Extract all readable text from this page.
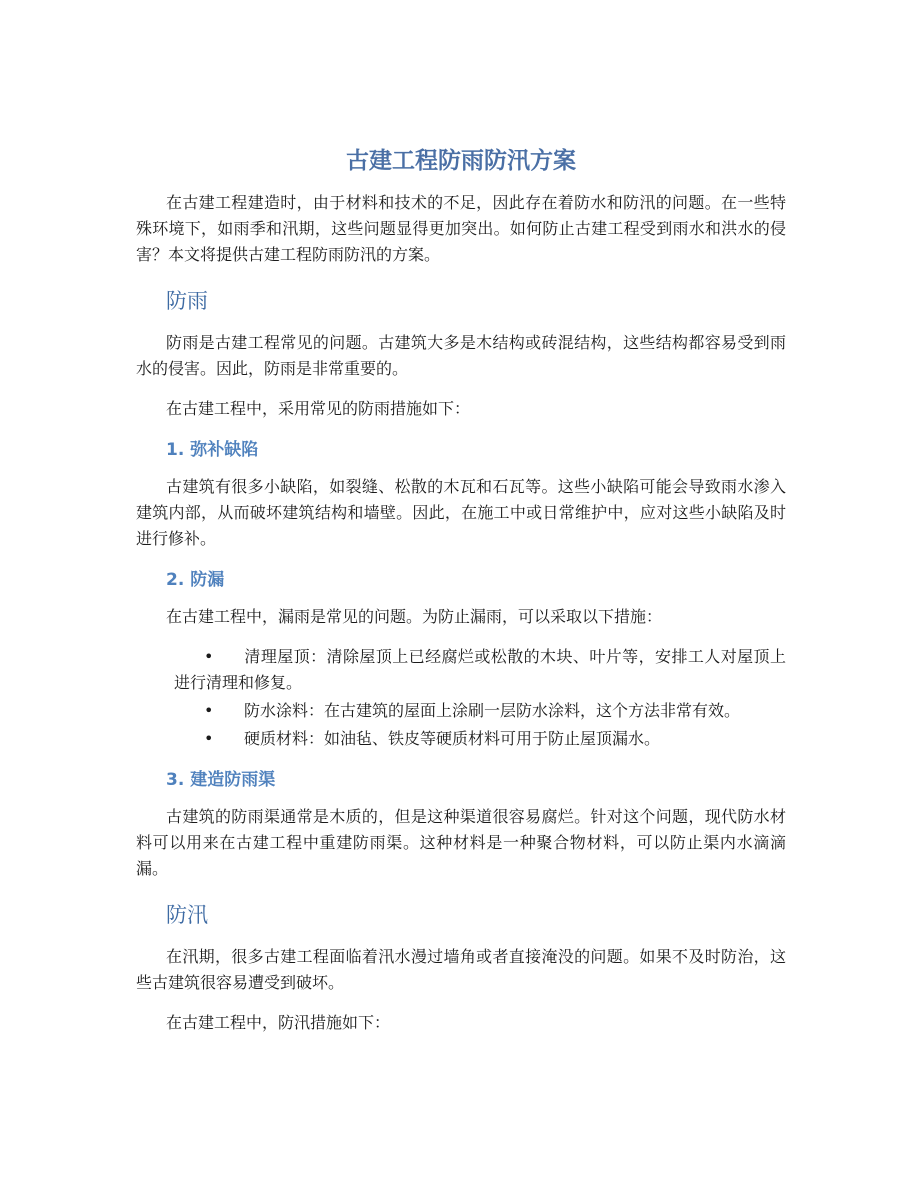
古建工程防雨防汛方案

在古建工程建造时，由于材料和技术的不足，因此存在着防水和防汛的问题。在一些特殊环境下，如雨季和汛期，这些问题显得更加突出。如何防止古建工程受到雨水和洪水的侵害？本文将提供古建工程防雨防汛的方案。

防雨

防雨是古建工程常见的问题。古建筑大多是木结构或砖混结构，这些结构都容易受到雨水的侵害。因此，防雨是非常重要的。

在古建工程中，采用常见的防雨措施如下：

1. 弥补缺陷

古建筑有很多小缺陷，如裂缝、松散的木瓦和石瓦等。这些小缺陷可能会导致雨水渗入建筑内部，从而破坏建筑结构和墙壁。因此，在施工中或日常维护中，应对这些小缺陷及时进行修补。

2. 防漏

在古建工程中，漏雨是常见的问题。为防止漏雨，可以采取以下措施：

• 清理屋顶：清除屋顶上已经腐烂或松散的木块、叶片等，安排工人对屋顶上进行清理和修复。
• 防水涂料：在古建筑的屋面上涂刷一层防水涂料，这个方法非常有效。
• 硬质材料：如油毡、铁皮等硬质材料可用于防止屋顶漏水。
3. 建造防雨渠

古建筑的防雨渠通常是木质的，但是这种渠道很容易腐烂。针对这个问题，现代防水材料可以用来在古建工程中重建防雨渠。这种材料是一种聚合物材料，可以防止渠内水滴滴漏。

防汛

在汛期，很多古建工程面临着汛水漫过墙角或者直接淹没的问题。如果不及时防治，这些古建筑很容易遭受到破坏。

在古建工程中，防汛措施如下：
